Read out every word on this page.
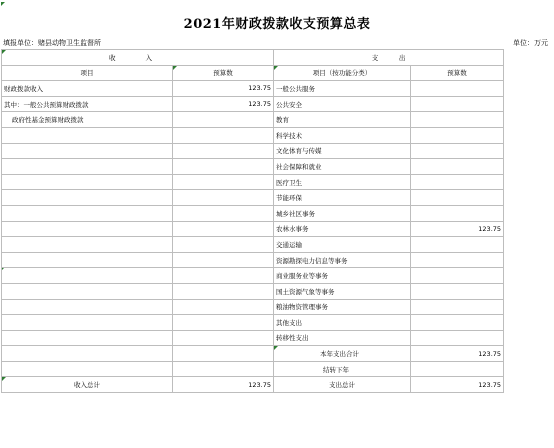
2021年财政拨款收支预算总表
填报单位：赌县动物卫生监督所	单位：万元
收 入		支          出	
项目	预算数	项目（按功能分类）	预算数
财政拨款收入	123.75	一般公共服务	
其中：一般公共预算财政拨款	123.75	公共安全	
政府性基金预算财政拨款		教育	
		科学技术	
		文化体育与传媒	
		社会保障和就业	
		医疗卫生	
		节能环保	
		城乡社区事务	
		农林水事务	123.75
		交通运输	
		资源勘探电力信息等事务	
		商业服务业等事务	
		国土资源气象等事务	
		粮油物资管理事务	
		其他支出	
		转移性支出	
		本年支出合计	123.75
		结转下年	
收入总计	123.75	支出总计	123.75
